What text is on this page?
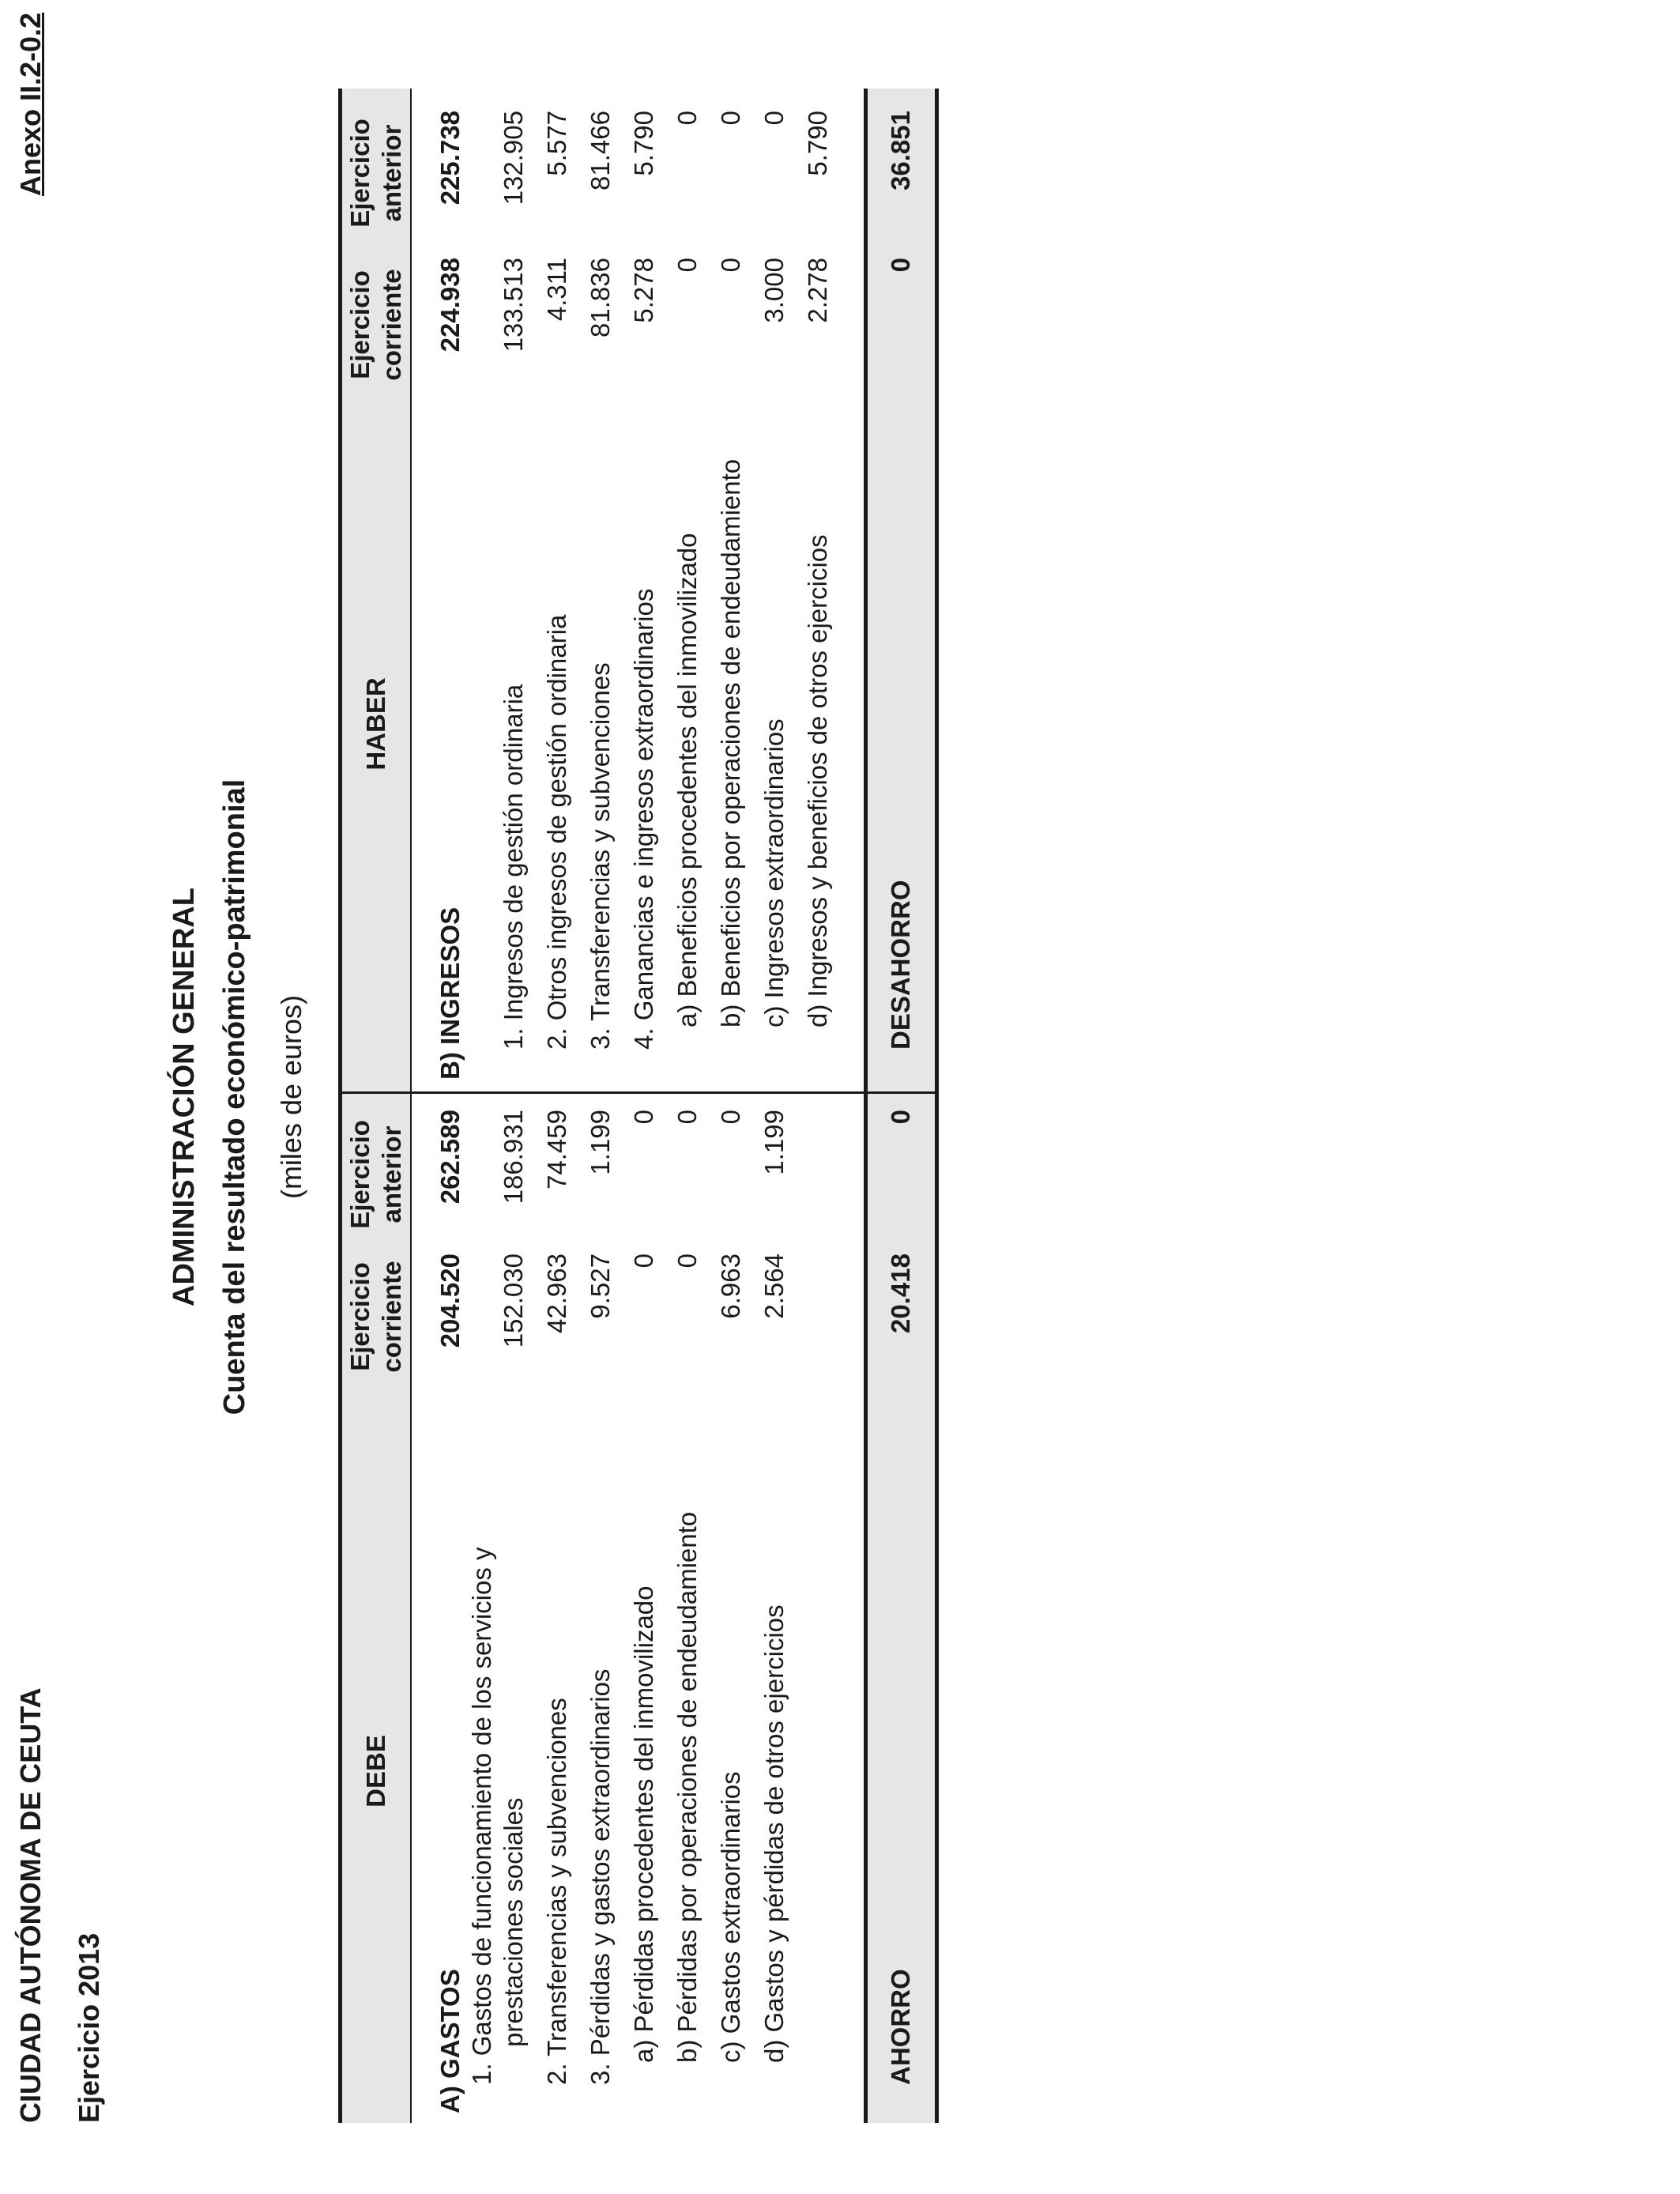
CIUDAD AUTÓNOMA DE CEUTA Ejercicio 2013
Anexo II.2-0.2
ADMINISTRACIÓN GENERAL Cuenta del resultado económico-patrimonial (miles de euros)
DEBE
Ejercicio corriente
Ejercicio anterior
HABER
Ejercicio corriente
Ejercicio anterior
A) GASTOS
204.520
262.589
1. Gastos de funcionamiento de los servicios y prestaciones sociales
152.030
186.931
2. Transferencias y subvenciones
42.963
74.459
3. Pérdidas y gastos extraordinarios
9.527
1.199
a) Pérdidas procedentes del inmovilizado
0
0
b) Pérdidas por operaciones de endeudamiento
0
0
c) Gastos extraordinarios
6.963
0
d) Gastos y pérdidas de otros ejercicios
2.564
1.199
B) INGRESOS
224.938
225.738
1. Ingresos de gestión ordinaria
133.513
132.905
2. Otros ingresos de gestión ordinaria
4.311
5.577
3. Transferencias y subvenciones
81.836
81.466
4. Ganancias e ingresos extraordinarios
5.278
5.790
a) Beneficios procedentes del inmovilizado
0
0
b) Beneficios por operaciones de endeudamiento
0
0
c) Ingresos extraordinarios
3.000
0
d) Ingresos y beneficios de otros ejercicios
2.278
5.790
AHORRO
20.418
0
DESAHORRO
0
36.851
